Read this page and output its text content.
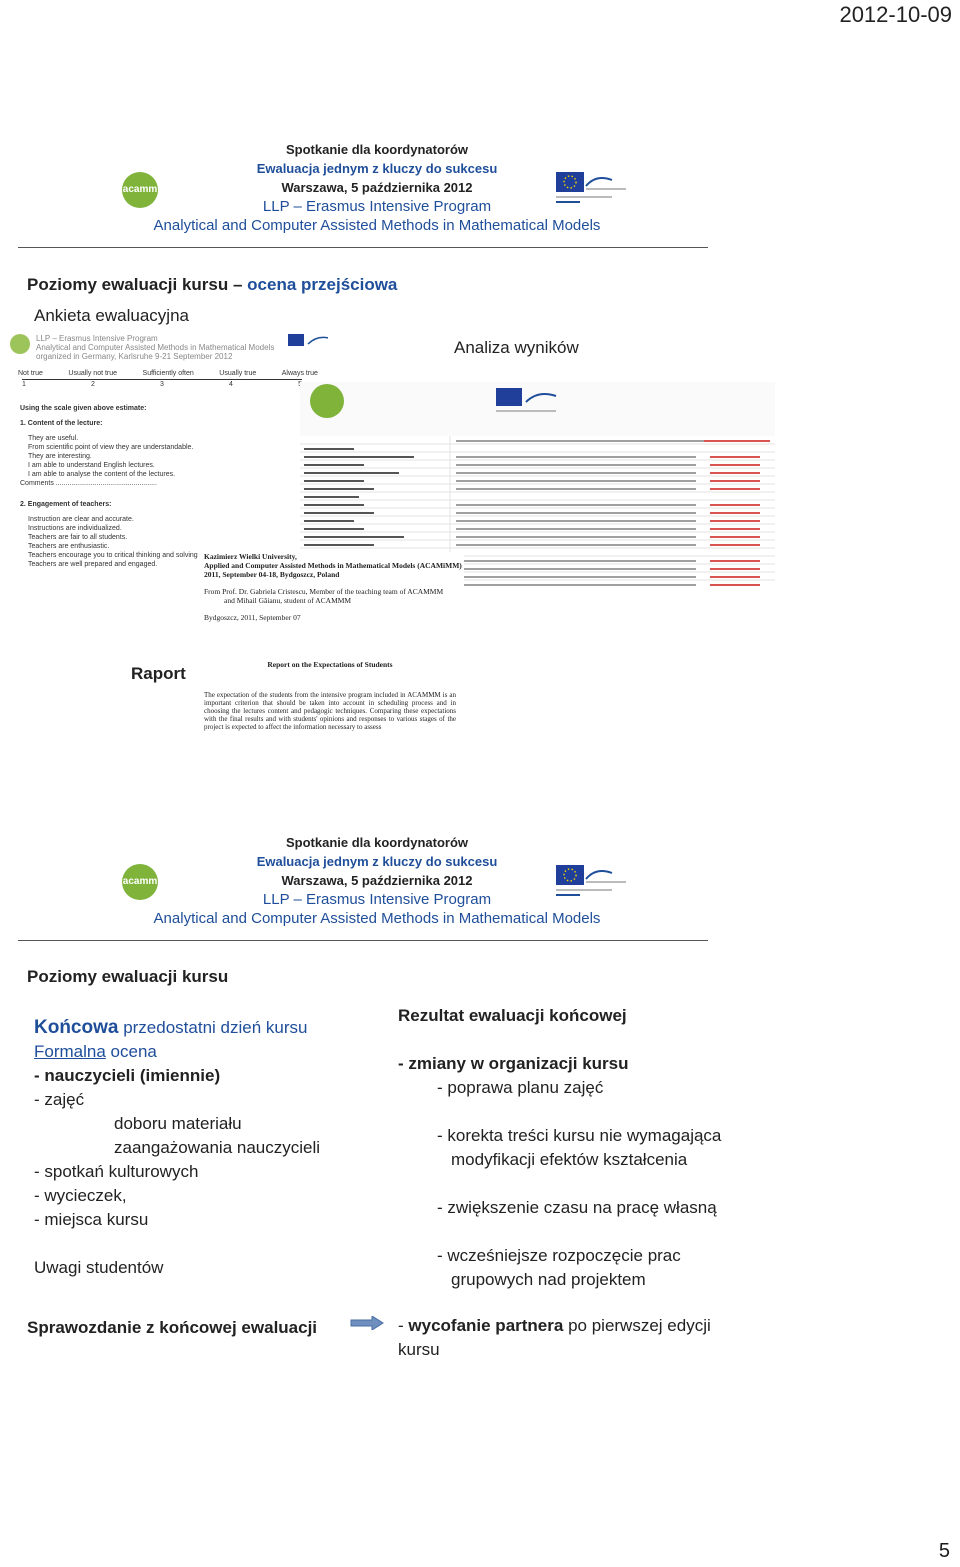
2012-10-09
5
acamm
Spotkanie dla koordynatorów
Ewaluacja jednym z kluczy do sukcesu
Warszawa, 5 października 2012
LLP – Erasmus Intensive Program
Analytical and Computer Assisted Methods in Mathematical Models
Poziomy ewaluacji kursu – ocena przejściowa
Ankieta ewaluacyjna
Analiza wyników
LLP – Erasmus Intensive Program
Analytical and Computer Assisted Methods in Mathematical Models
organized in Germany, Karlsruhe 9-21 September 2012
Not true	Usually not true	Sufficiently often	Usually true	Always true
1	2	3	4
Using the scale given above estimate:
1. Content of the lecture:
They are useful.
From scientific point of view they are understandable.
They are interesting.
I am able to understand English lectures.
I am able to analyse the content of the lectures.
Comments ....................................................
2. Engagement of teachers:
Instruction are clear and accurate.
Instructions are individualized.
Teachers are fair to all students.
Teachers are enthusiastic.
Teachers encourage you to critical thinking and solving
Teachers are well prepared and engaged.
Kazimierz Wielki University,
Applied and Computer Assisted Methods in Mathematical Models (ACAMiMM)
2011, September 04-18, Bydgoszcz, Poland
From Prof. Dr. Gabriela Cristescu, Member of the teaching team of ACAMMM
and Mihail Găianu, student of ACAMMM
Bydgoszcz, 2011, September 07
Raport	Report on the Expectations of Students
The expectation of the students from the intensive program included in ACAMMM is an important criterion that should be taken into account in scheduling process and in choosing the lectures content and pedagogic techniques. Comparing these expectations with the final results and with students' opinions and responses to various stages of the project is expected to affect the information necessary to assess
acamm
Spotkanie dla koordynatorów
Ewaluacja jednym z kluczy do sukcesu
Warszawa, 5 października 2012
LLP – Erasmus Intensive Program
Analytical and Computer Assisted Methods in Mathematical Models
Poziomy ewaluacji kursu
Końcowa przedostatni dzień kursu
Formalna ocena
- nauczycieli (imiennie)
- zajęć
doboru materiału
zaangażowania nauczycieli
- spotkań kulturowych
- wycieczek,
- miejsca kursu
Uwagi studentów
Sprawozdanie z końcowej ewaluacji
Rezultat ewaluacji końcowej
- zmiany w organizacji kursu
- poprawa planu zajęć
- korekta treści kursu nie wymagająca
modyfikacji efektów kształcenia
- zwiększenie czasu na pracę własną
- wcześniejsze rozpoczęcie prac
grupowych nad projektem
- wycofanie partnera po pierwszej edycji
kursu
